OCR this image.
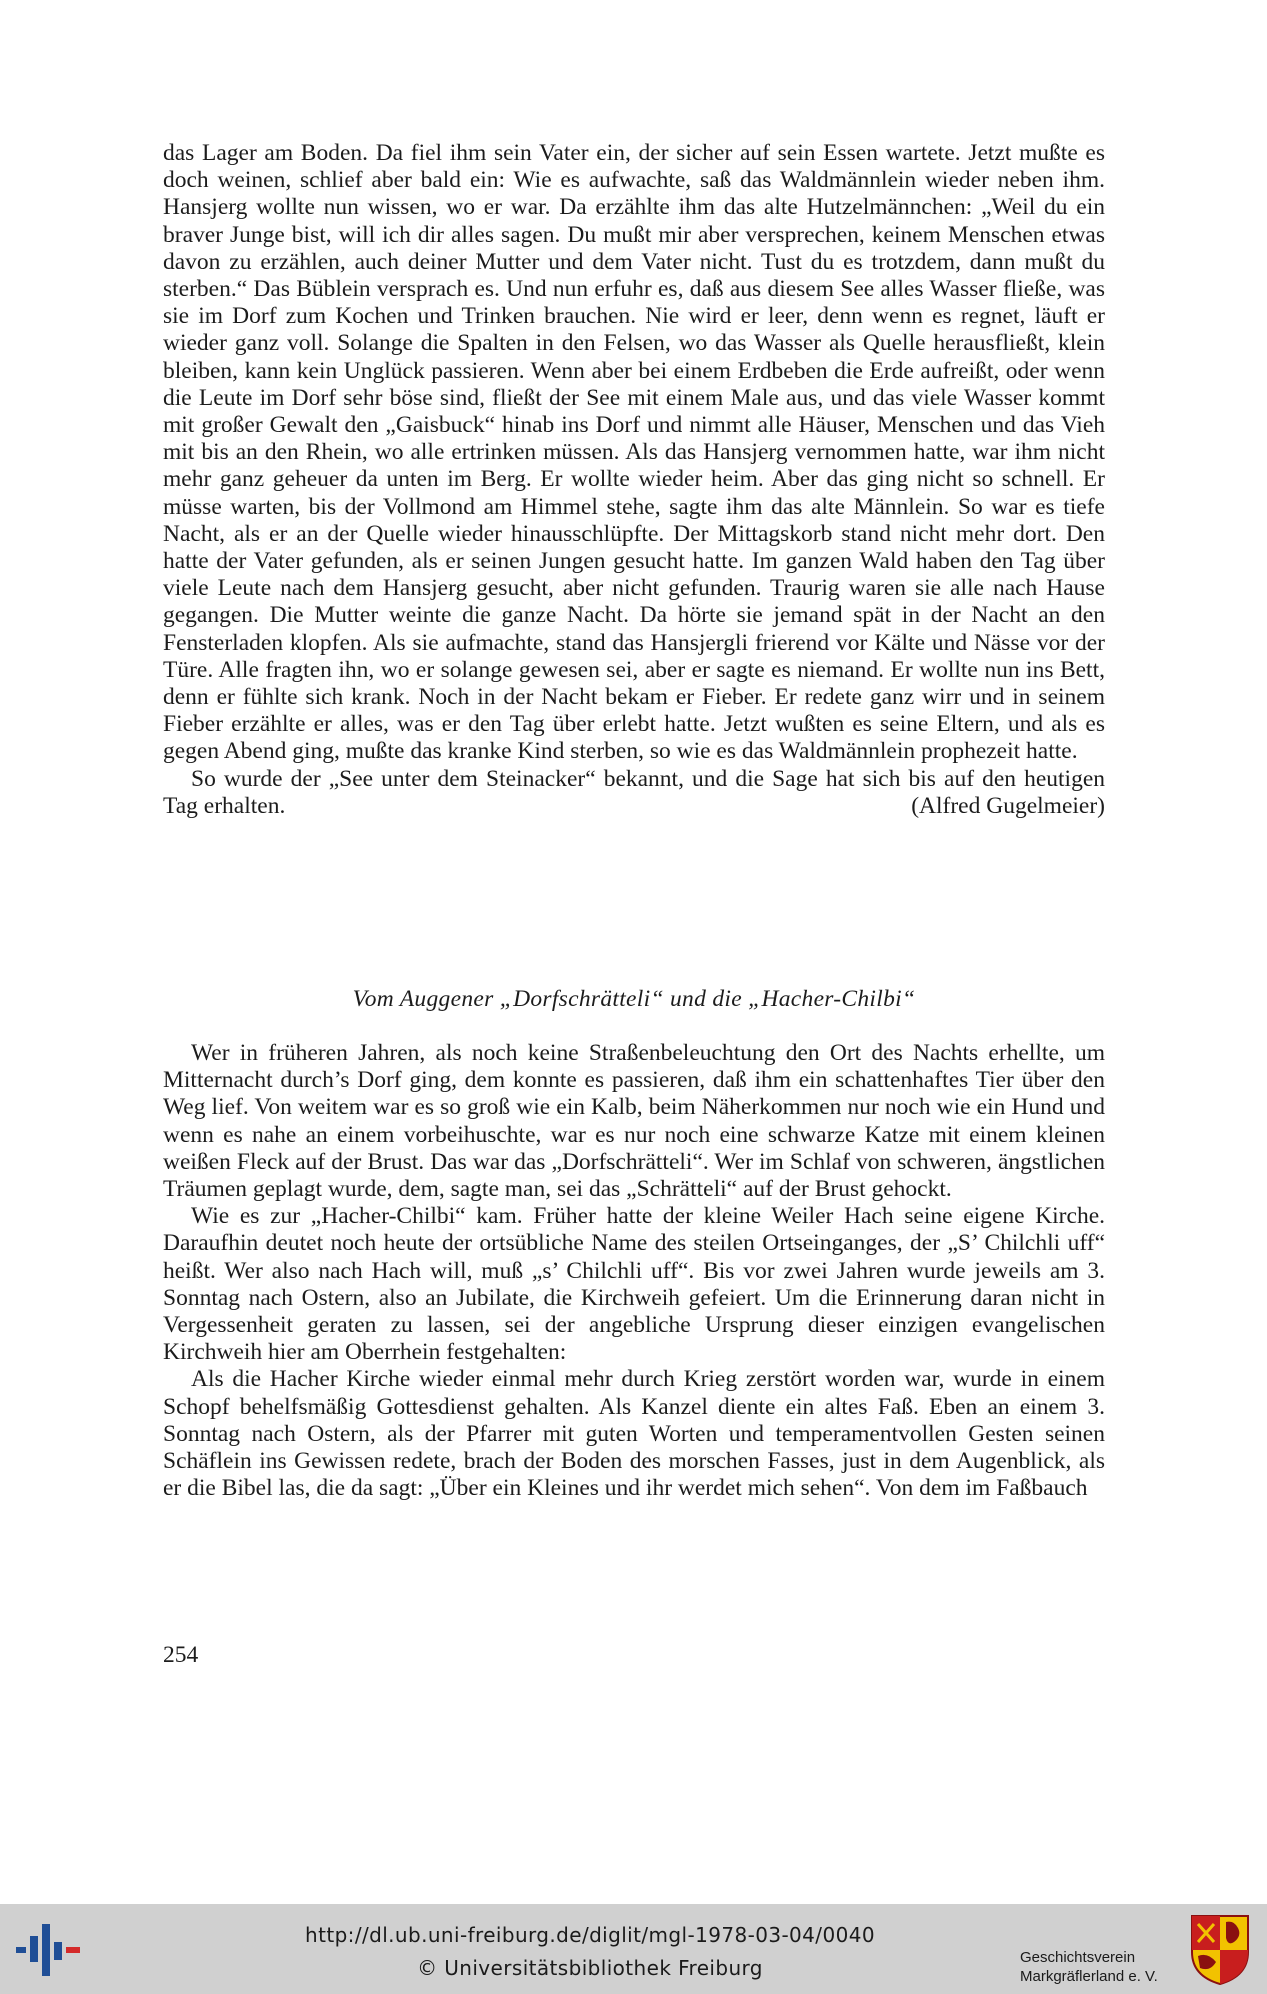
das Lager am Boden. Da fiel ihm sein Vater ein, der sicher auf sein Essen wartete. Jetzt mußte es doch weinen, schlief aber bald ein: Wie es aufwachte, saß das Waldmännlein wieder neben ihm. Hansjerg wollte nun wissen, wo er war. Da erzählte ihm das alte Hutzelmännchen: „Weil du ein braver Junge bist, will ich dir alles sagen. Du mußt mir aber versprechen, keinem Menschen etwas davon zu erzählen, auch deiner Mutter und dem Vater nicht. Tust du es trotzdem, dann mußt du sterben.“ Das Büblein versprach es. Und nun erfuhr es, daß aus diesem See alles Wasser fließe, was sie im Dorf zum Kochen und Trinken brauchen. Nie wird er leer, denn wenn es regnet, läuft er wieder ganz voll. Solange die Spalten in den Felsen, wo das Wasser als Quelle herausfließt, klein bleiben, kann kein Unglück passieren. Wenn aber bei einem Erdbeben die Erde aufreißt, oder wenn die Leute im Dorf sehr böse sind, fließt der See mit einem Male aus, und das viele Wasser kommt mit großer Gewalt den „Gaisbuck“ hinab ins Dorf und nimmt alle Häuser, Menschen und das Vieh mit bis an den Rhein, wo alle ertrinken müssen. Als das Hansjerg vernommen hatte, war ihm nicht mehr ganz geheuer da unten im Berg. Er wollte wieder heim. Aber das ging nicht so schnell. Er müsse warten, bis der Vollmond am Himmel stehe, sagte ihm das alte Männlein. So war es tiefe Nacht, als er an der Quelle wieder hinausschlüpfte. Der Mittagskorb stand nicht mehr dort. Den hatte der Vater gefunden, als er seinen Jungen gesucht hatte. Im ganzen Wald haben den Tag über viele Leute nach dem Hansjerg gesucht, aber nicht gefunden. Traurig waren sie alle nach Hause gegangen. Die Mutter weinte die ganze Nacht. Da hörte sie jemand spät in der Nacht an den Fensterladen klopfen. Als sie aufmachte, stand das Hansjergli frierend vor Kälte und Nässe vor der Türe. Alle fragten ihn, wo er solange gewesen sei, aber er sagte es niemand. Er wollte nun ins Bett, denn er fühlte sich krank. Noch in der Nacht bekam er Fieber. Er redete ganz wirr und in seinem Fieber erzählte er alles, was er den Tag über erlebt hatte. Jetzt wußten es seine Eltern, und als es gegen Abend ging, mußte das kranke Kind sterben, so wie es das Waldmännlein prophezeit hatte.

So wurde der „See unter dem Steinacker“ bekannt, und die Sage hat sich bis auf den heutigen Tag erhalten.	(Alfred Gugelmeier)
Vom Auggener „Dorfschrätteli“ und die „Hacher-Chilbi“

Wer in früheren Jahren, als noch keine Straßenbeleuchtung den Ort des Nachts erhellte, um Mitternacht durch’s Dorf ging, dem konnte es passieren, daß ihm ein schattenhaftes Tier über den Weg lief. Von weitem war es so groß wie ein Kalb, beim Näherkommen nur noch wie ein Hund und wenn es nahe an einem vorbeihuschte, war es nur noch eine schwarze Katze mit einem kleinen weißen Fleck auf der Brust. Das war das „Dorfschrätteli“. Wer im Schlaf von schweren, ängstlichen Träumen geplagt wurde, dem, sagte man, sei das „Schrätteli“ auf der Brust gehockt.

Wie es zur „Hacher-Chilbi“ kam. Früher hatte der kleine Weiler Hach seine eigene Kirche. Daraufhin deutet noch heute der ortsübliche Name des steilen Ortseinganges, der „S’ Chilchli uff“ heißt. Wer also nach Hach will, muß „s’ Chilchli uff“. Bis vor zwei Jahren wurde jeweils am 3. Sonntag nach Ostern, also an Jubilate, die Kirchweih gefeiert. Um die Erinnerung daran nicht in Vergessenheit geraten zu lassen, sei der angebliche Ursprung dieser einzigen evangelischen Kirchweih hier am Oberrhein festgehalten:

Als die Hacher Kirche wieder einmal mehr durch Krieg zerstört worden war, wurde in einem Schopf behelfsmäßig Gottesdienst gehalten. Als Kanzel diente ein altes Faß. Eben an einem 3. Sonntag nach Ostern, als der Pfarrer mit guten Worten und temperamentvollen Gesten seinen Schäflein ins Gewissen redete, brach der Boden des morschen Fasses, just in dem Augenblick, als er die Bibel las, die da sagt: „Über ein Kleines und ihr werdet mich sehen“. Von dem im Faßbauch

254
http://dl.ub.uni-freiburg.de/diglit/mgl-1978-03-04/0040
© Universitätsbibliothek Freiburg	Geschichtsverein
Markgräflerland e. V.
